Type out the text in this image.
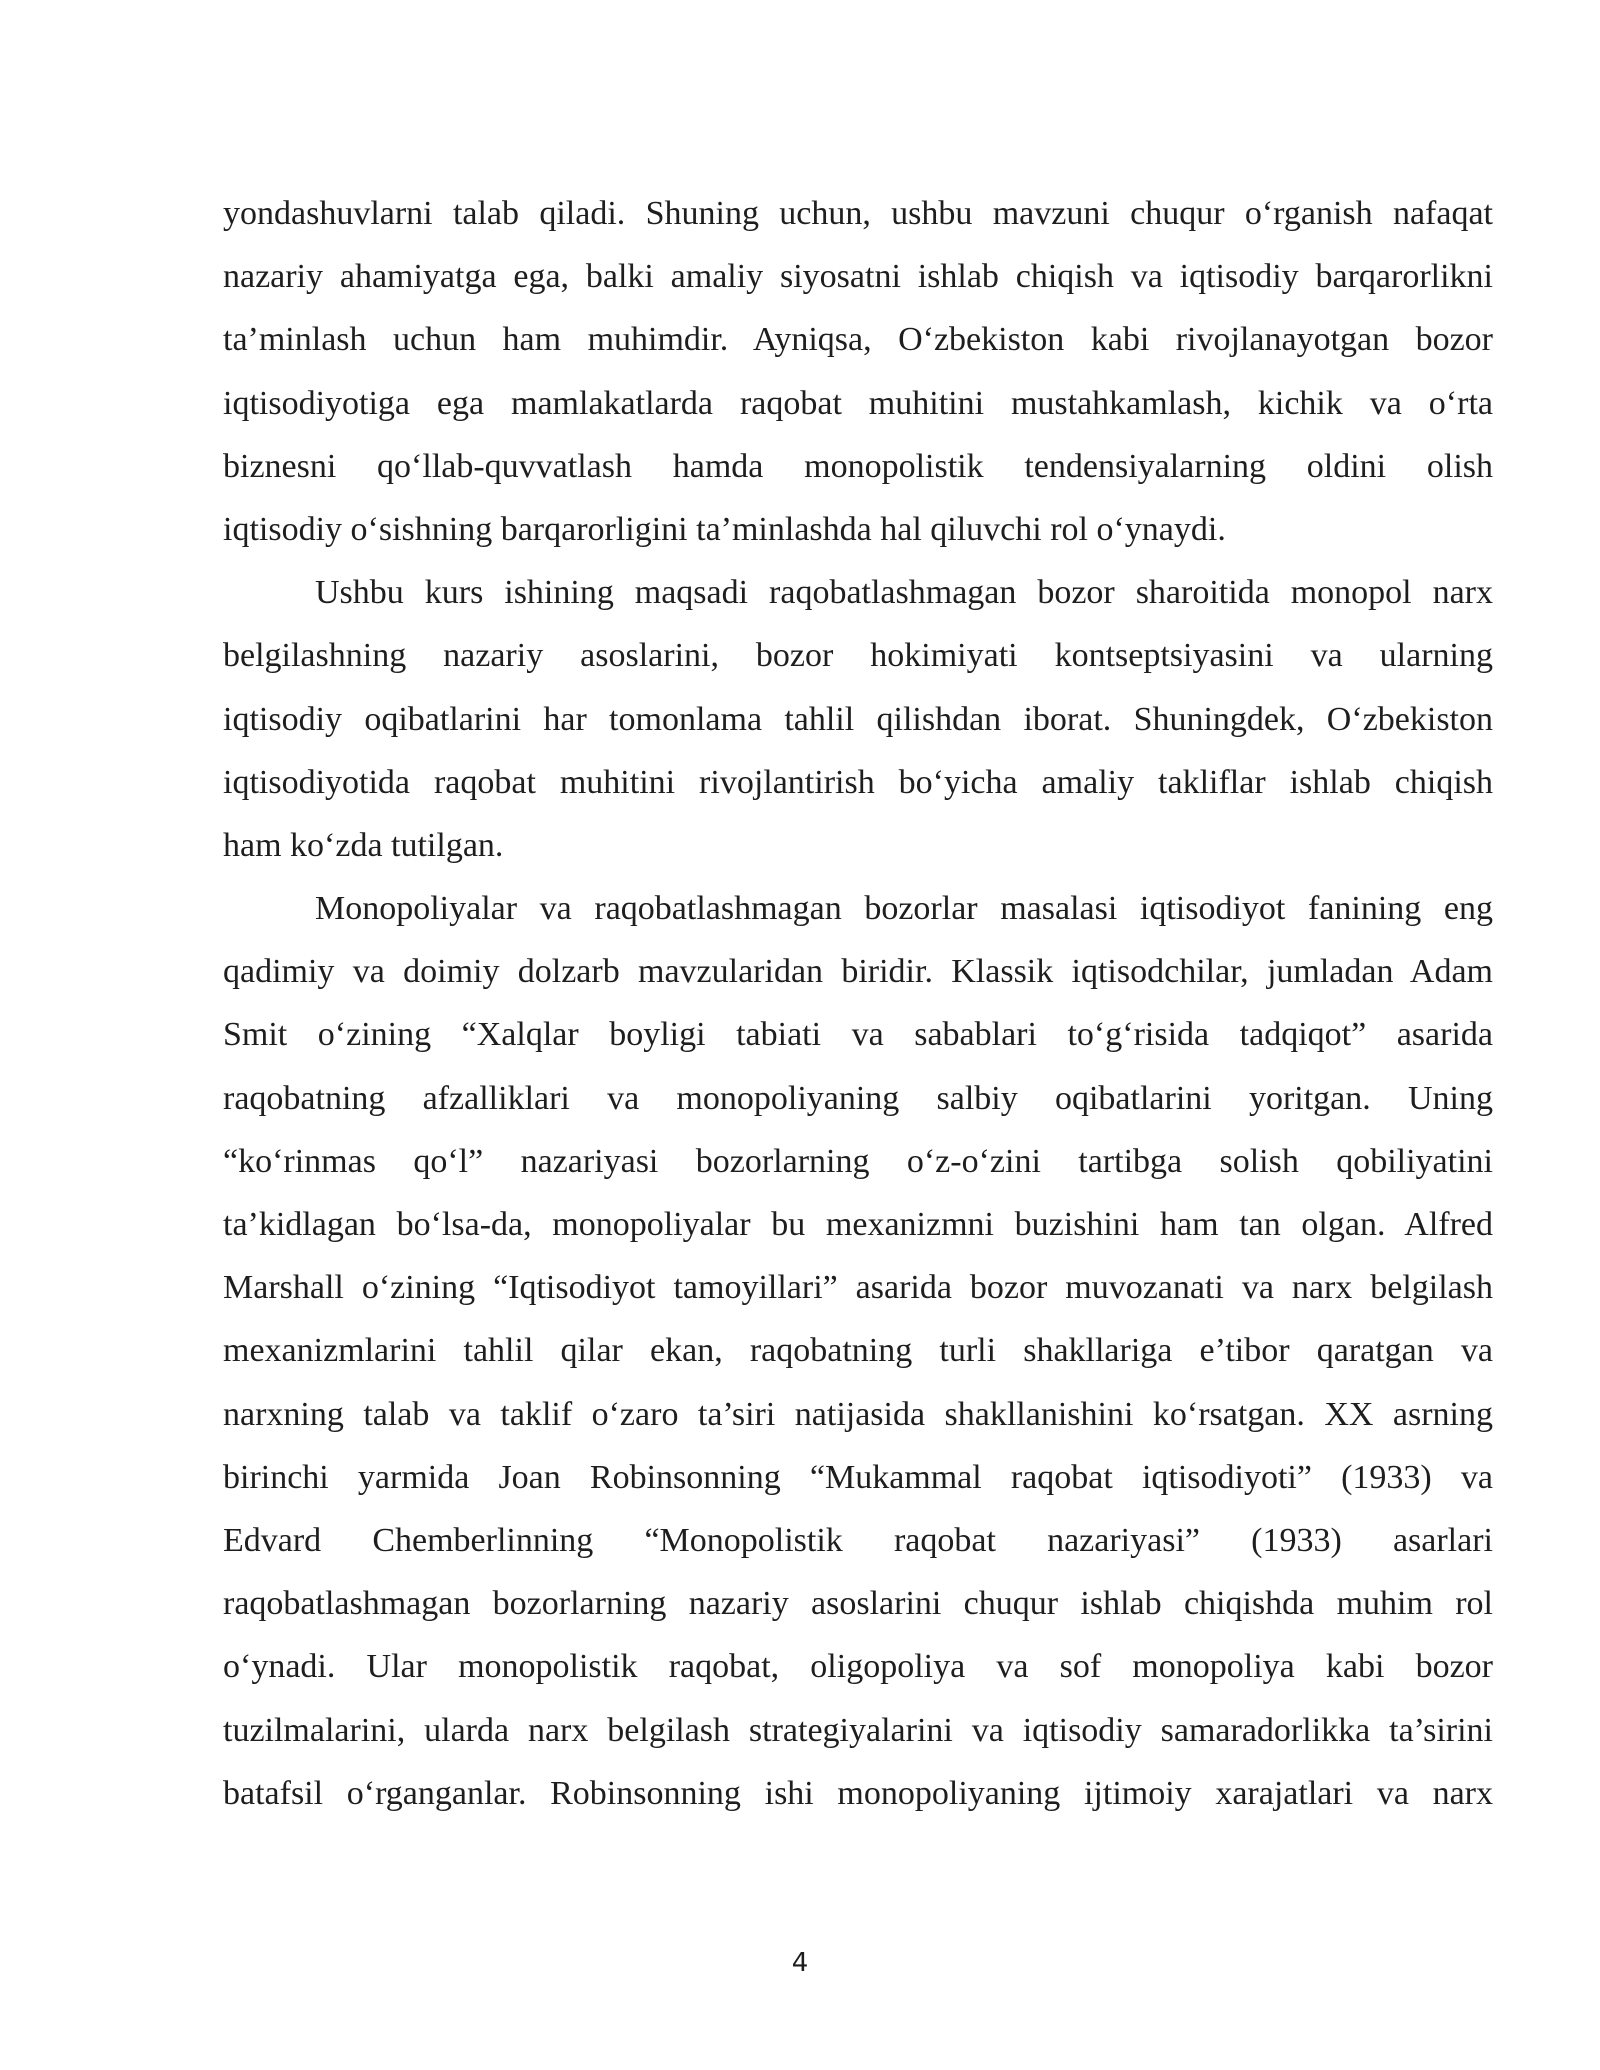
yondashuvlarni talab qiladi. Shuning uchun, ushbu mavzuni chuqur o‘rganish nafaqat
nazariy ahamiyatga ega, balki amaliy siyosatni ishlab chiqish va iqtisodiy barqarorlikni
ta’minlash uchun ham muhimdir. Ayniqsa, O‘zbekiston kabi rivojlanayotgan bozor
iqtisodiyotiga ega mamlakatlarda raqobat muhitini mustahkamlash, kichik va o‘rta
biznesni qo‘llab-quvvatlash hamda monopolistik tendensiyalarning oldini olish
iqtisodiy o‘sishning barqarorligini ta’minlashda hal qiluvchi rol o‘ynaydi.
Ushbu kurs ishining maqsadi raqobatlashmagan bozor sharoitida monopol narx
belgilashning nazariy asoslarini, bozor hokimiyati kontseptsiyasini va ularning
iqtisodiy oqibatlarini har tomonlama tahlil qilishdan iborat. Shuningdek, O‘zbekiston
iqtisodiyotida raqobat muhitini rivojlantirish bo‘yicha amaliy takliflar ishlab chiqish
ham ko‘zda tutilgan.
Monopoliyalar va raqobatlashmagan bozorlar masalasi iqtisodiyot fanining eng
qadimiy va doimiy dolzarb mavzularidan biridir. Klassik iqtisodchilar, jumladan Adam
Smit o‘zining “Xalqlar boyligi tabiati va sabablari to‘g‘risida tadqiqot” asarida
raqobatning afzalliklari va monopoliyaning salbiy oqibatlarini yoritgan. Uning
“ko‘rinmas qo‘l” nazariyasi bozorlarning o‘z-o‘zini tartibga solish qobiliyatini
ta’kidlagan bo‘lsa-da, monopoliyalar bu mexanizmni buzishini ham tan olgan. Alfred
Marshall o‘zining “Iqtisodiyot tamoyillari” asarida bozor muvozanati va narx belgilash
mexanizmlarini tahlil qilar ekan, raqobatning turli shakllariga e’tibor qaratgan va
narxning talab va taklif o‘zaro ta’siri natijasida shakllanishini ko‘rsatgan. XX asrning
birinchi yarmida Joan Robinsonning “Mukammal raqobat iqtisodiyoti” (1933) va
Edvard Chemberlinning “Monopolistik raqobat nazariyasi” (1933) asarlari
raqobatlashmagan bozorlarning nazariy asoslarini chuqur ishlab chiqishda muhim rol
o‘ynadi. Ular monopolistik raqobat, oligopoliya va sof monopoliya kabi bozor
tuzilmalarini, ularda narx belgilash strategiyalarini va iqtisodiy samaradorlikka ta’sirini
batafsil o‘rganganlar. Robinsonning ishi monopoliyaning ijtimoiy xarajatlari va narx
4
